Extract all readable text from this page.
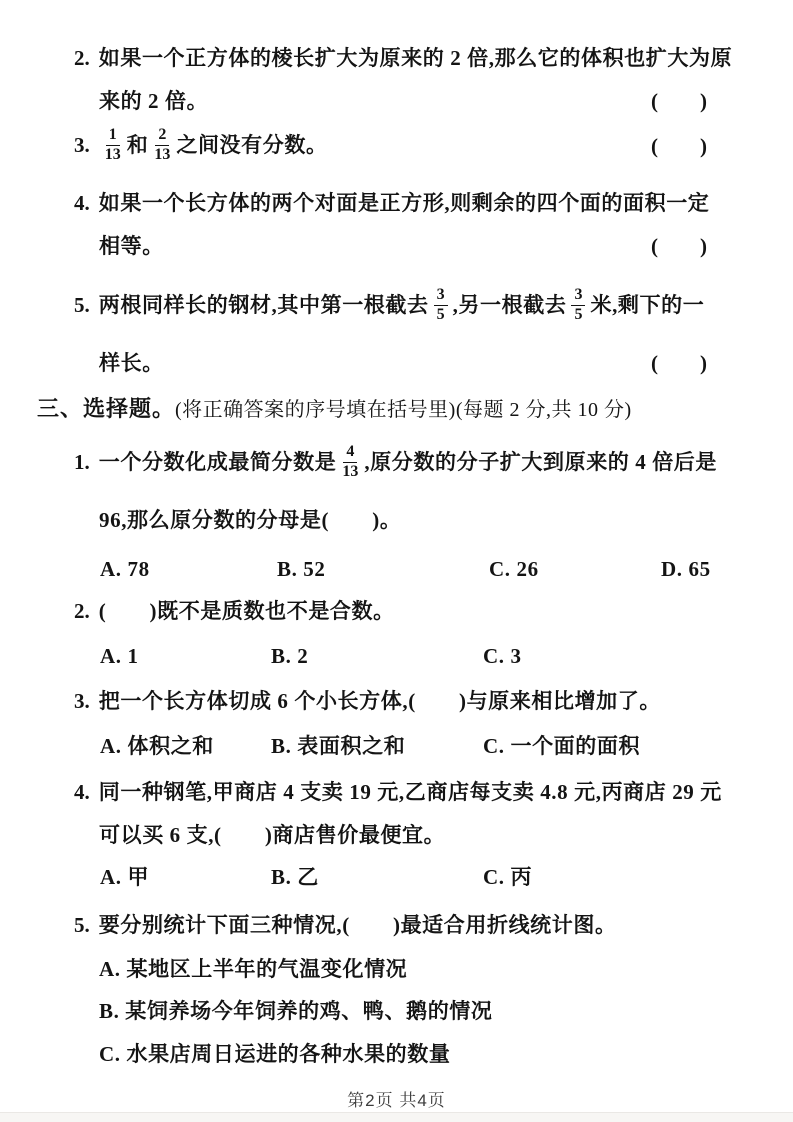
2. 如果一个正方体的棱长扩大为原来的 2 倍,那么它的体积也扩大为原
来的 2 倍。	(　　)
3. $\frac{1}{13}$ 和 $\frac{2}{13}$ 之间没有分数。	(　　)
4. 如果一个长方体的两个对面是正方形,则剩余的四个面的面积一定
相等。	(　　)
5. 两根同样长的钢材,其中第一根截去 $\frac{3}{5}$ ,另一根截去 $\frac{3}{5}$ 米,剩下的一
样长。	(　　)
三、选择题。(将正确答案的序号填在括号里)(每题 2 分,共 10 分)
1. 一个分数化成最简分数是 $\frac{4}{13}$ ,原分数的分子扩大到原来的 4 倍后是
96,那么原分数的分母是(　　)。
A. 78	B. 52	C. 26	D. 65
2. (　　)既不是质数也不是合数。
A. 1	B. 2	C. 3
3. 把一个长方体切成 6 个小长方体,(　　)与原来相比增加了。
A. 体积之和	B. 表面积之和	C. 一个面的面积
4. 同一种钢笔,甲商店 4 支卖 19 元,乙商店每支卖 4.8 元,丙商店 29 元
可以买 6 支,(　　)商店售价最便宜。
A. 甲	B. 乙	C. 丙
5. 要分别统计下面三种情况,(　　)最适合用折线统计图。
A. 某地区上半年的气温变化情况
B. 某饲养场今年饲养的鸡、鸭、鹅的情况
C. 水果店周日运进的各种水果的数量
第2页 共4页
